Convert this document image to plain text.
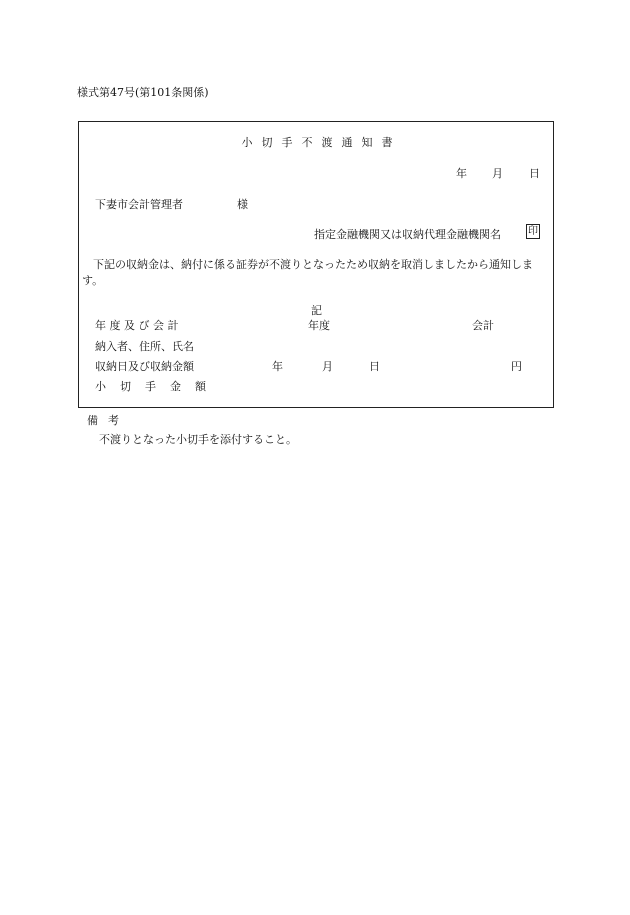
様式第47号(第101条関係)
小切手不渡通知書
年 月 日
下妻市会計管理者	様
指定金融機関又は収納代理金融機関名	印
下記の収納金は、納付に係る証券が不渡りとなったため収納を取消しましたから通知します。
記
年度及び会計	年度	会計
納入者、住所、氏名
収納日及び収納金額	年	月	日	円
小切手金額
備考
不渡りとなった小切手を添付すること。
